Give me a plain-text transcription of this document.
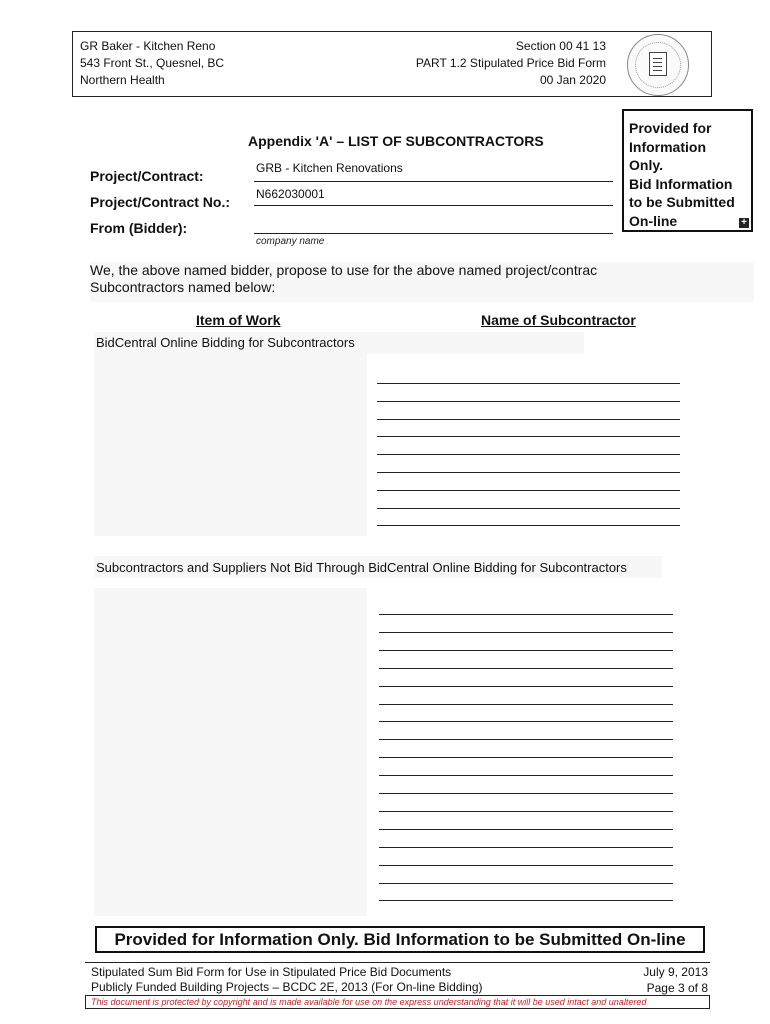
GR Baker - Kitchen Reno
543 Front St., Quesnel, BC
Northern Health
Section 00 41 13
PART 1.2 Stipulated Price Bid Form
00 Jan 2020
Provided for
Information
Only.
Bid Information
to be Submitted
On-line	+
Appendix 'A' – LIST OF SUBCONTRACTORS
Project/Contract:	GRB - Kitchen Renovations
Project/Contract No.: N662030001
From (Bidder):
company name
We, the above named bidder, propose to use for the above named project/contrac
Subcontractors named below:
Item of Work	Name of Subcontractor
BidCentral Online Bidding for Subcontractors
Subcontractors and Suppliers Not Bid Through BidCentral Online Bidding for Subcontractors
Provided for Information Only. Bid Information to be Submitted On-line
Stipulated Sum Bid Form for Use in Stipulated Price Bid Documents
Publicly Funded Building Projects – BCDC 2E, 2013 (For On-line Bidding)
July 9, 2013
Page 3 of 8
This document is protected by copyright and is made available for use on the express understanding that it will be used intact and unaltered
